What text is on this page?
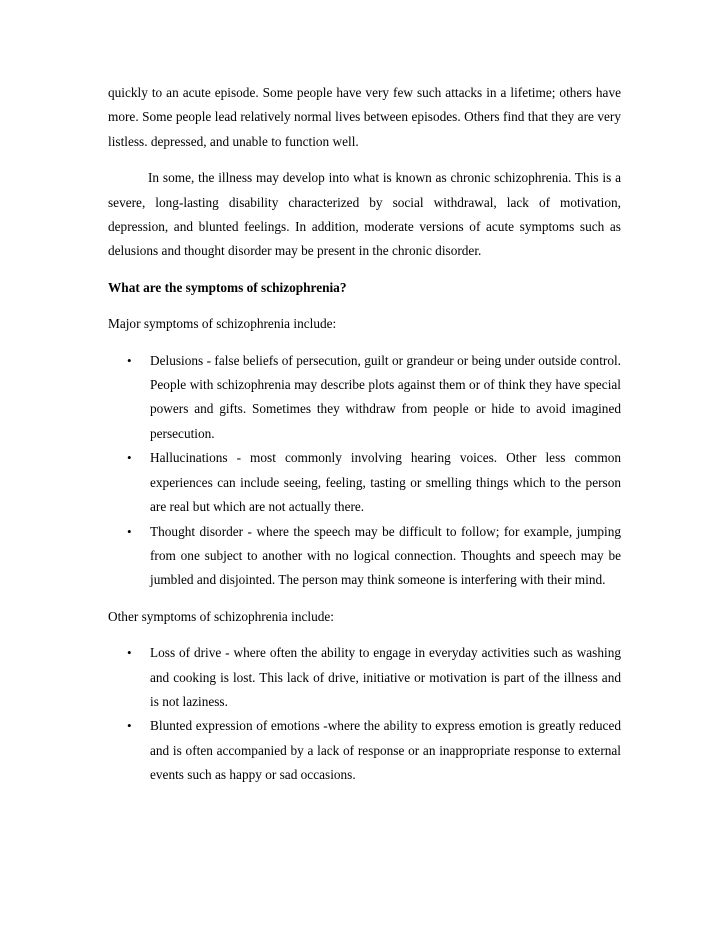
quickly to an acute episode. Some people have very few such attacks in a lifetime; others have more. Some people lead relatively normal lives between episodes. Others find that they are very listless. depressed, and unable to function well.

In some, the illness may develop into what is known as chronic schizophrenia. This is a severe, long-lasting disability characterized by social withdrawal, lack of motivation, depression, and blunted feelings. In addition, moderate versions of acute symptoms such as delusions and thought disorder may be present in the chronic disorder.

What are the symptoms of schizophrenia?

Major symptoms of schizophrenia include:

• Delusions - false beliefs of persecution, guilt or grandeur or being under outside control. People with schizophrenia may describe plots against them or of think they have special powers and gifts. Sometimes they withdraw from people or hide to avoid imagined persecution.
• Hallucinations - most commonly involving hearing voices. Other less common experiences can include seeing, feeling, tasting or smelling things which to the person are real but which are not actually there.
• Thought disorder - where the speech may be difficult to follow; for example, jumping from one subject to another with no logical connection. Thoughts and speech may be jumbled and disjointed. The person may think someone is interfering with their mind.

Other symptoms of schizophrenia include:

• Loss of drive - where often the ability to engage in everyday activities such as washing and cooking is lost. This lack of drive, initiative or motivation is part of the illness and is not laziness.
• Blunted expression of emotions -where the ability to express emotion is greatly reduced and is often accompanied by a lack of response or an inappropriate response to external events such as happy or sad occasions.
